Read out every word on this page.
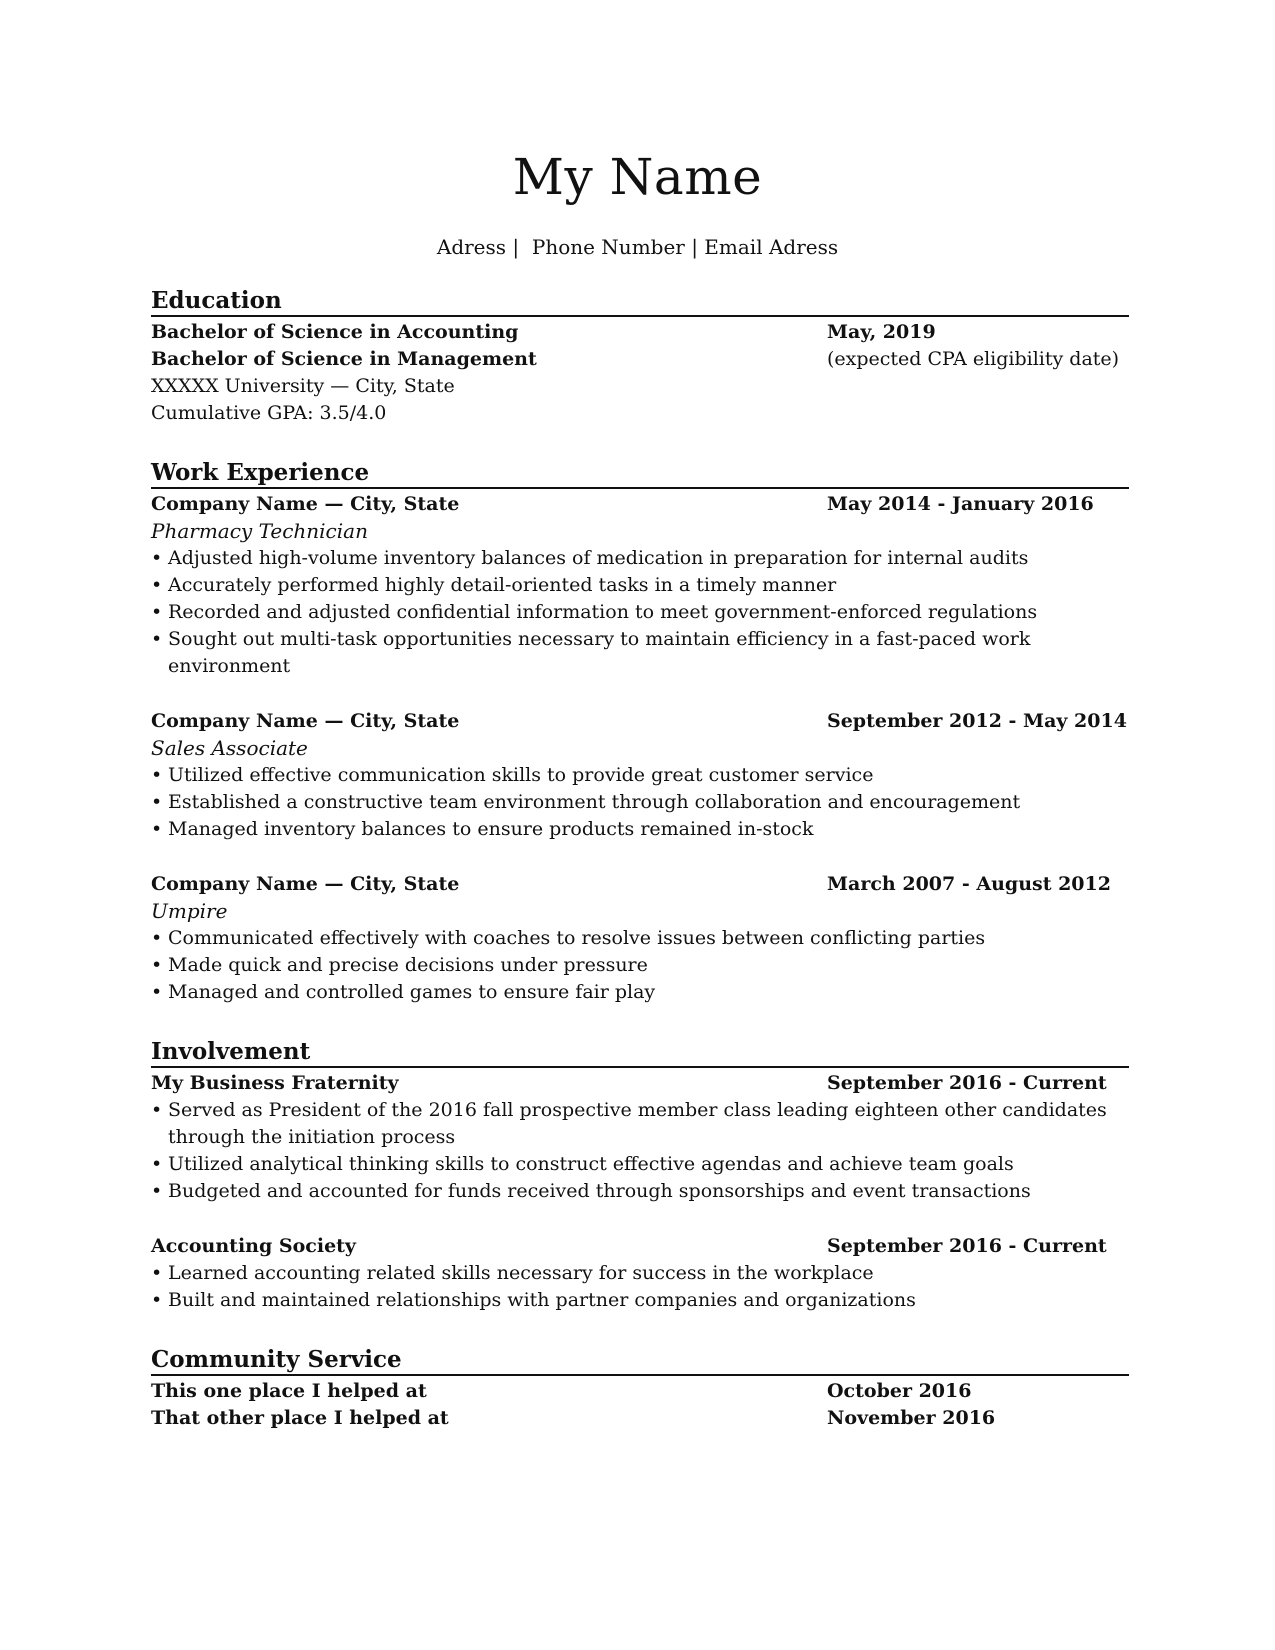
My Name
Adress |  Phone Number | Email Adress
Education
Bachelor of Science in Accounting	May, 2019
Bachelor of Science in Management	(expected CPA eligibility date)
XXXXX University — City, State
Cumulative GPA: 3.5/4.0
Work Experience
Company Name — City, State	May 2014 - January 2016
Pharmacy Technician
• Adjusted high-volume inventory balances of medication in preparation for internal audits
• Accurately performed highly detail-oriented tasks in a timely manner
• Recorded and adjusted confidential information to meet government-enforced regulations
• Sought out multi-task opportunities necessary to maintain efficiency in a fast-paced work environment
Company Name — City, State	September 2012 - May 2014
Sales Associate
• Utilized effective communication skills to provide great customer service
• Established a constructive team environment through collaboration and encouragement
• Managed inventory balances to ensure products remained in-stock
Company Name — City, State	March 2007 - August 2012
Umpire
• Communicated effectively with coaches to resolve issues between conflicting parties
• Made quick and precise decisions under pressure
• Managed and controlled games to ensure fair play
Involvement
My Business Fraternity	September 2016 - Current
• Served as President of the 2016 fall prospective member class leading eighteen other candidates through the initiation process
• Utilized analytical thinking skills to construct effective agendas and achieve team goals
• Budgeted and accounted for funds received through sponsorships and event transactions
Accounting Society	September 2016 - Current
• Learned accounting related skills necessary for success in the workplace
• Built and maintained relationships with partner companies and organizations
Community Service
This one place I helped at	October 2016
That other place I helped at	November 2016
